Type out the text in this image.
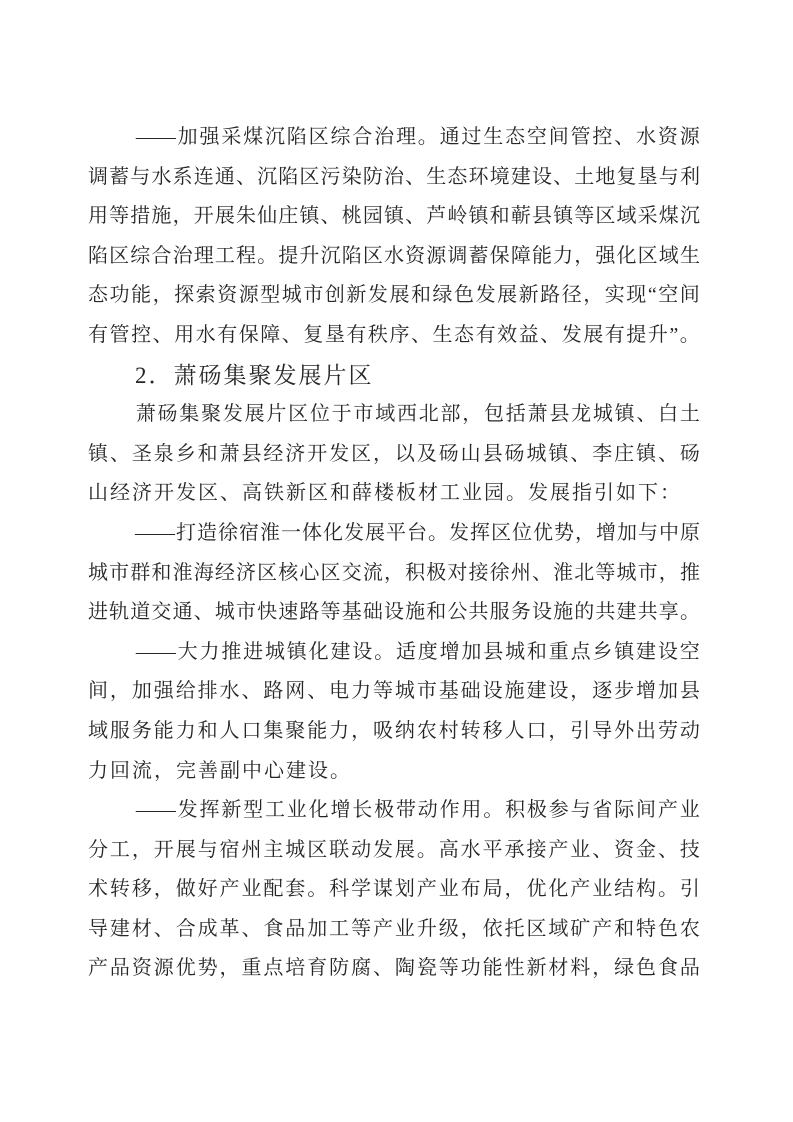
—— 加 强 采 煤 沉 陷 区 综 合 治 理 。 通 过 生 态 空 间 管 控 、 水 资 源
调 蓄 与 水 系 连 通 、 沉 陷 区 污 染 防 治 、 生 态 环 境 建 设 、 土 地 复 垦 与 利
用 等 措 施 ， 开 展 朱 仙 庄 镇 、 桃 园 镇 、 芦 岭 镇 和 蕲 县 镇 等 区 域 采 煤 沉
陷 区 综 合 治 理 工 程 。 提 升 沉 陷 区 水 资 源 调 蓄 保 障 能 力 ， 强 化 区 域 生
态 功 能 ， 探 索 资 源 型 城 市 创 新 发 展 和 绿 色 发 展 新 路 径 ， 实 现 “ 空 间
有 管 控 、 用 水 有 保 障 、 复 垦 有 秩 序 、 生 态 有 效 益 、 发 展 有 提 升 ” 。
2．萧砀集聚发展片区
萧 砀 集 聚 发 展 片 区 位 于 市 域 西 北 部 ， 包 括 萧 县 龙 城 镇 、 白 土
镇 、 圣 泉 乡 和 萧 县 经 济 开 发 区 ， 以 及 砀 山 县 砀 城 镇 、 李 庄 镇 、 砀
山经济开发区、高铁新区和薛楼板材工业园。发展指引如下：
—— 打 造 徐 宿 淮 一 体 化 发 展 平 台 。 发 挥 区 位 优 势 ， 增 加 与 中 原
城 市 群 和 淮 海 经 济 区 核 心 区 交 流 ， 积 极 对 接 徐 州 、 淮 北 等 城 市 ， 推
进 轨 道 交 通 、 城 市 快 速 路 等 基 础 设 施 和 公 共 服 务 设 施 的 共 建 共 享 。
—— 大 力 推 进 城 镇 化 建 设 。 适 度 增 加 县 城 和 重 点 乡 镇 建 设 空
间 ， 加 强 给 排 水 、 路 网 、 电 力 等 城 市 基 础 设 施 建 设 ， 逐 步 增 加 县
域 服 务 能 力 和 人 口 集 聚 能 力 ， 吸 纳 农 村 转 移 人 口 ， 引 导 外 出 劳 动
力回流，完善副中心建设。
—— 发 挥 新 型 工 业 化 增 长 极 带 动 作 用 。 积 极 参 与 省 际 间 产 业
分 工 ， 开 展 与 宿 州 主 城 区 联 动 发 展 。 高 水 平 承 接 产 业 、 资 金 、 技
术 转 移 ， 做 好 产 业 配 套 。 科 学 谋 划 产 业 布 局 ， 优 化 产 业 结 构 。 引
导 建 材 、 合 成 革 、 食 品 加 工 等 产 业 升 级 ， 依 托 区 域 矿 产 和 特 色 农
产 品 资 源 优 势 ， 重 点 培 育 防 腐 、 陶 瓷 等 功 能 性 新 材 料 ， 绿 色 食 品
